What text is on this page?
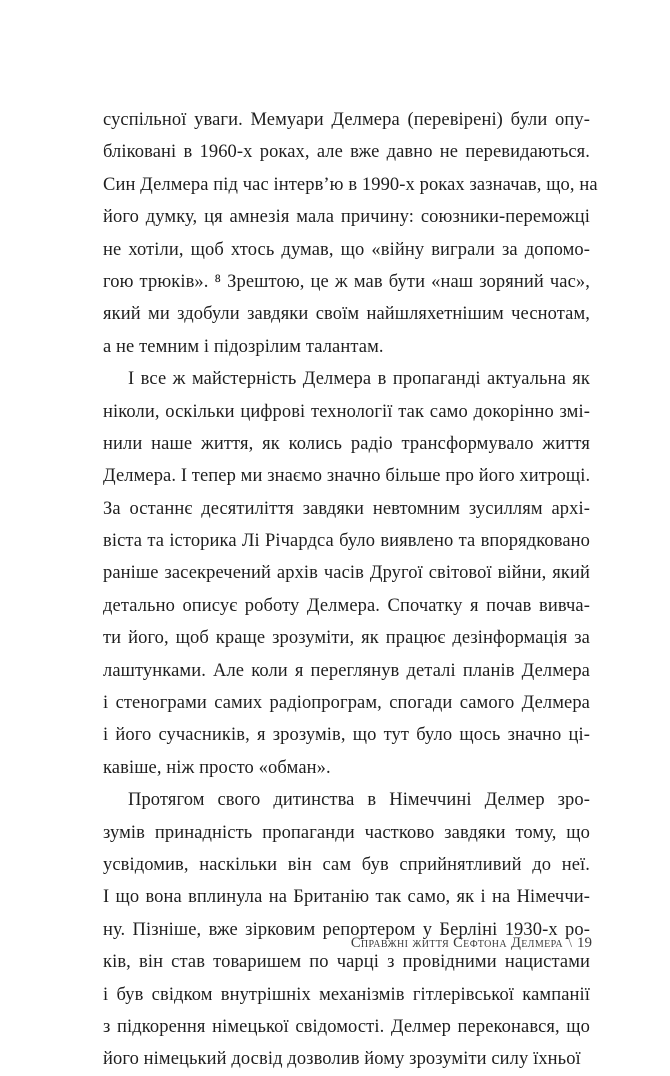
суспільної уваги. Мемуари Делмера (перевірені) були опу-
бліковані в 1960-х роках, але вже давно не перевидаються.
Син Делмера під час інтерв’ю в 1990-х роках зазначав, що, на
його думку, ця амнезія мала причину: союзники-переможці
не хотіли, щоб хтось думав, що «війну виграли за допомо-
гою трюків». ⁸ Зрештою, це ж мав бути «наш зоряний час»,
який ми здобули завдяки своїм найшляхетнішим чеснотам,
а не темним і підозрілим талантам.
І все ж майстерність Делмера в пропаганді актуальна як
ніколи, оскільки цифрові технології так само докорінно змі-
нили наше життя, як колись радіо трансформувало життя
Делмера. І тепер ми знаємо значно більше про його хитрощі.
За останнє десятиліття завдяки невтомним зусиллям архі-
віста та історика Лі Річардса було виявлено та впорядковано
раніше засекречений архів часів Другої світової війни, який
детально описує роботу Делмера. Спочатку я почав вивча-
ти його, щоб краще зрозуміти, як працює дезінформація за
лаштунками. Але коли я переглянув деталі планів Делмера
і стенограми самих радіопрограм, спогади самого Делмера
і його сучасників, я зрозумів, що тут було щось значно ці-
кавіше, ніж просто «обман».
Протягом свого дитинства в Німеччині Делмер зро-
зумів принадність пропаганди частково завдяки тому, що
усвідомив, наскільки він сам був сприйнятливий до неї.
І що вона вплинула на Британію так само, як і на Німеччи-
ну. Пізніше, вже зірковим репортером у Берліні 1930-х ро-
ків, він став товаришем по чарці з провідними нацистами
і був свідком внутрішніх механізмів гітлерівської кампанії
з підкорення німецької свідомості. Делмер переконався, що
його німецький досвід дозволив йому зрозуміти силу їхньої
Справжні життя Сефтона Делмера \ 19
